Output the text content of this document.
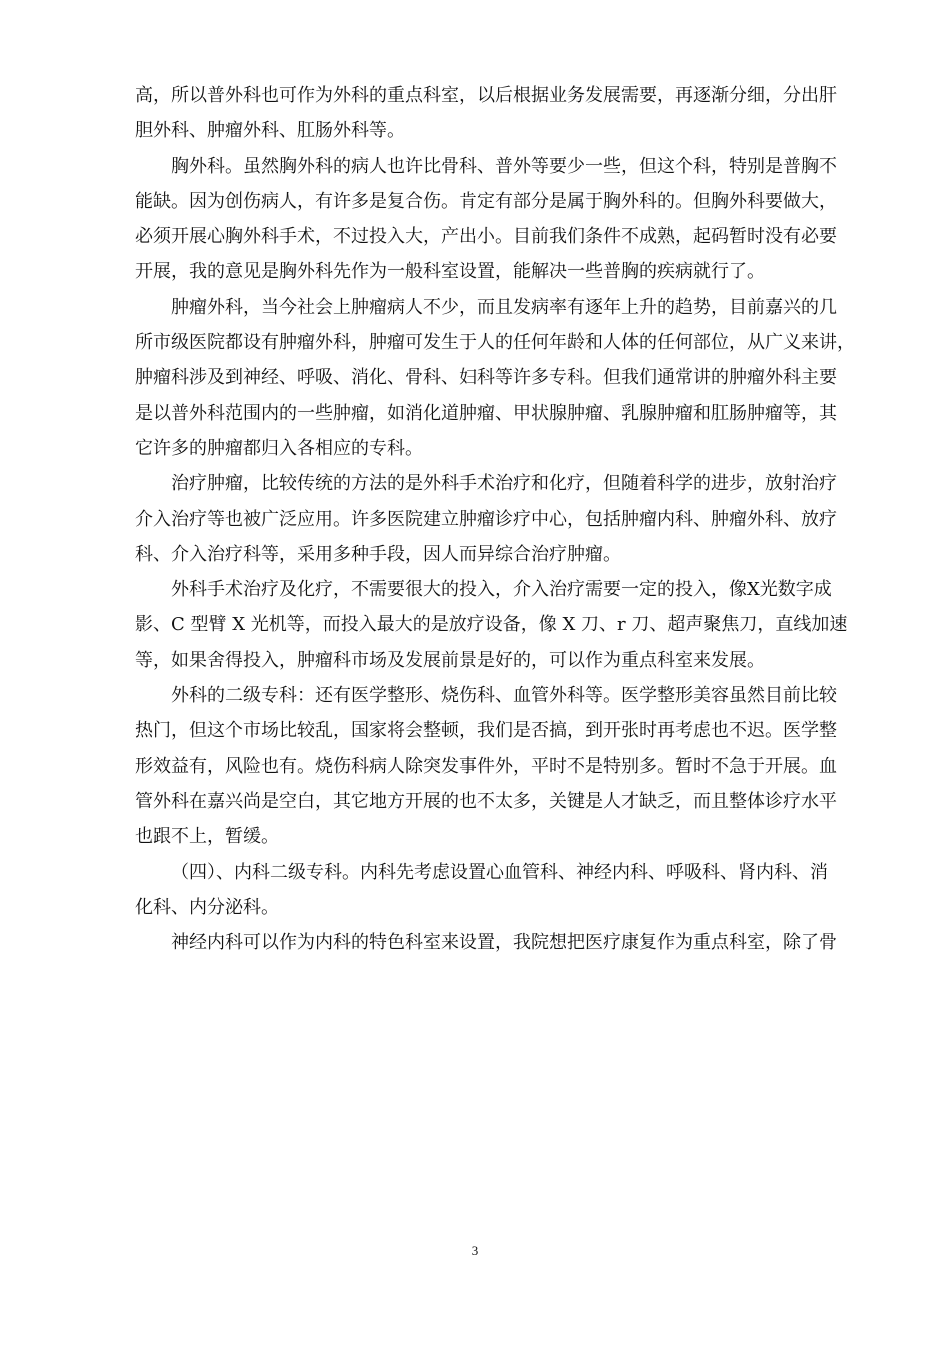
高，所以普外科也可作为外科的重点科室，以后根据业务发展需要，再逐渐分细，分出肝
胆外科、肿瘤外科、肛肠外科等。
胸外科。虽然胸外科的病人也许比骨科、普外等要少一些，但这个科，特别是普胸不
能缺。因为创伤病人，有许多是复合伤。肯定有部分是属于胸外科的。但胸外科要做大，
必须开展心胸外科手术，不过投入大，产出小。目前我们条件不成熟，起码暂时没有必要
开展，我的意见是胸外科先作为一般科室设置，能解决一些普胸的疾病就行了。
肿瘤外科，当今社会上肿瘤病人不少，而且发病率有逐年上升的趋势，目前嘉兴的几
所市级医院都设有肿瘤外科，肿瘤可发生于人的任何年龄和人体的任何部位，从广义来讲，
肿瘤科涉及到神经、呼吸、消化、骨科、妇科等许多专科。但我们通常讲的肿瘤外科主要
是以普外科范围内的一些肿瘤，如消化道肿瘤、甲状腺肿瘤、乳腺肿瘤和肛肠肿瘤等，其
它许多的肿瘤都归入各相应的专科。
治疗肿瘤，比较传统的方法的是外科手术治疗和化疗，但随着科学的进步，放射治疗
介入治疗等也被广泛应用。许多医院建立肿瘤诊疗中心，包括肿瘤内科、肿瘤外科、放疗
科、介入治疗科等，采用多种手段，因人而异综合治疗肿瘤。
外科手术治疗及化疗，不需要很大的投入，介入治疗需要一定的投入，像X光数字成
影、C 型臂 X 光机等，而投入最大的是放疗设备，像 X 刀、r 刀、超声聚焦刀，直线加速
等，如果舍得投入，肿瘤科市场及发展前景是好的，可以作为重点科室来发展。
外科的二级专科：还有医学整形、烧伤科、血管外科等。医学整形美容虽然目前比较
热门，但这个市场比较乱，国家将会整顿，我们是否搞，到开张时再考虑也不迟。医学整
形效益有，风险也有。烧伤科病人除突发事件外，平时不是特别多。暂时不急于开展。血
管外科在嘉兴尚是空白，其它地方开展的也不太多，关键是人才缺乏，而且整体诊疗水平
也跟不上，暂缓。
（四）、内科二级专科。内科先考虑设置心血管科、神经内科、呼吸科、肾内科、消
化科、内分泌科。
神经内科可以作为内科的特色科室来设置，我院想把医疗康复作为重点科室，除了骨
3
